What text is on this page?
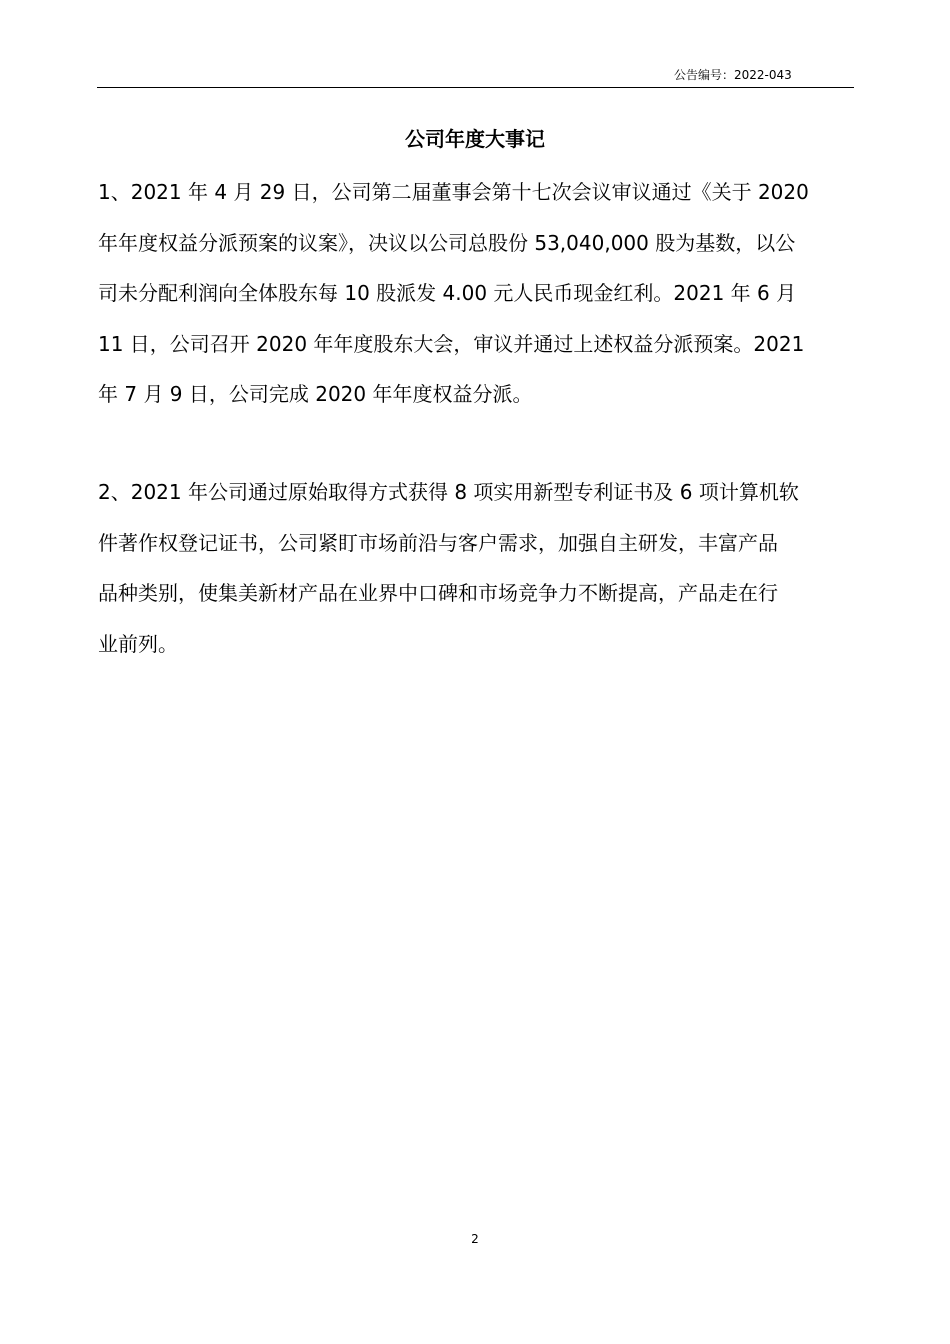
公告编号：2022-043
公司年度大事记
1、2021 年 4 月 29 日，公司第二届董事会第十七次会议审议通过《关于 2020
年年度权益分派预案的议案》，决议以公司总股份 53,040,000 股为基数，以公
司未分配利润向全体股东每 10 股派发 4.00 元人民币现金红利。2021 年 6 月
11 日，公司召开 2020 年年度股东大会，审议并通过上述权益分派预案。2021
年 7 月 9 日，公司完成 2020 年年度权益分派。
2、2021 年公司通过原始取得方式获得 8 项实用新型专利证书及 6 项计算机软
件著作权登记证书，公司紧盯市场前沿与客户需求，加强自主研发，丰富产品
品种类别，使集美新材产品在业界中口碑和市场竞争力不断提高，产品走在行
业前列。
2
